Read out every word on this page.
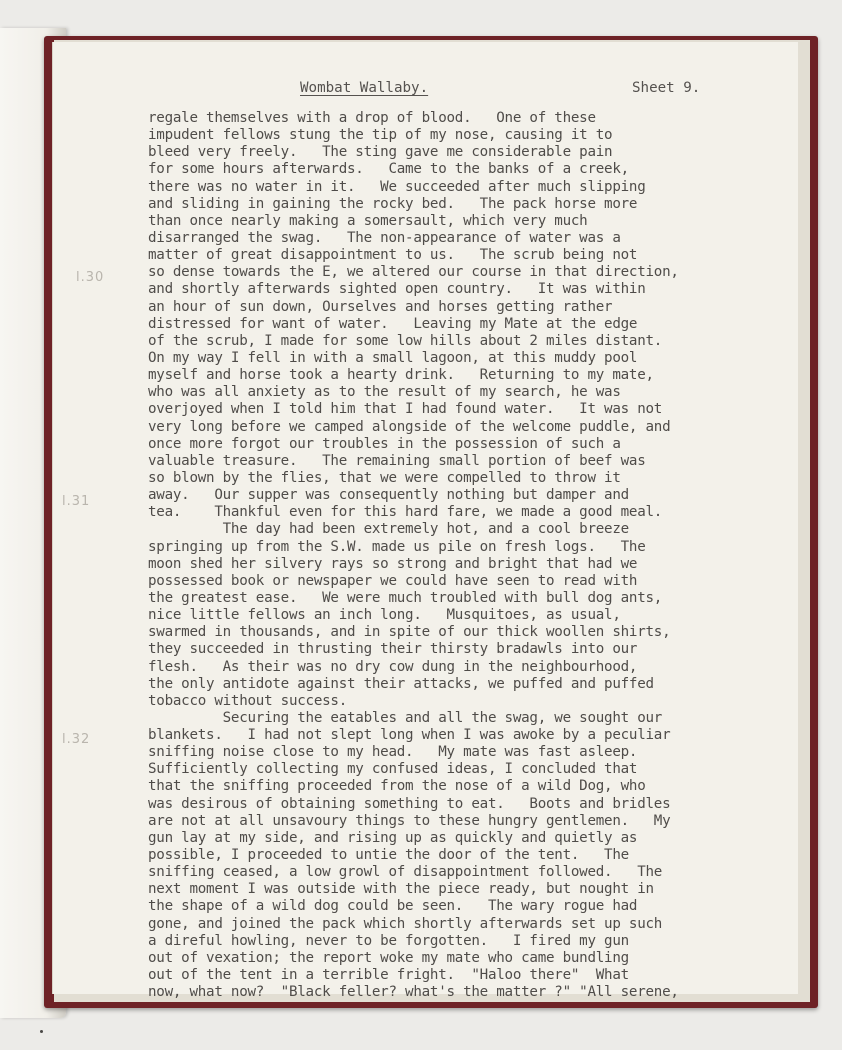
Wombat Wallaby.	Sheet 9.
l.30
l.31
l.32
regale themselves with a drop of blood.   One of these
impudent fellows stung the tip of my nose, causing it to
bleed very freely.   The sting gave me considerable pain
for some hours afterwards.   Came to the banks of a creek,
there was no water in it.   We succeeded after much slipping
and sliding in gaining the rocky bed.   The pack horse more
than once nearly making a somersault, which very much
disarranged the swag.   The non-appearance of water was a
matter of great disappointment to us.   The scrub being not
so dense towards the E, we altered our course in that direction,
and shortly afterwards sighted open country.   It was within
an hour of sun down, Ourselves and horses getting rather
distressed for want of water.   Leaving my Mate at the edge
of the scrub, I made for some low hills about 2 miles distant.
On my way I fell in with a small lagoon, at this muddy pool
myself and horse took a hearty drink.   Returning to my mate,
who was all anxiety as to the result of my search, he was
overjoyed when I told him that I had found water.   It was not
very long before we camped alongside of the welcome puddle, and
once more forgot our troubles in the possession of such a
valuable treasure.   The remaining small portion of beef was
so blown by the flies, that we were compelled to throw it
away.   Our supper was consequently nothing but damper and
tea.    Thankful even for this hard fare, we made a good meal.
The day had been extremely hot, and a cool breeze
springing up from the S.W. made us pile on fresh logs.   The
moon shed her silvery rays so strong and bright that had we
possessed book or newspaper we could have seen to read with
the greatest ease.   We were much troubled with bull dog ants,
nice little fellows an inch long.   Musquitoes, as usual,
swarmed in thousands, and in spite of our thick woollen shirts,
they succeeded in thrusting their thirsty bradawls into our
flesh.   As their was no dry cow dung in the neighbourhood,
the only antidote against their attacks, we puffed and puffed
tobacco without success.
Securing the eatables and all the swag, we sought our
blankets.   I had not slept long when I was awoke by a peculiar
sniffing noise close to my head.   My mate was fast asleep.
Sufficiently collecting my confused ideas, I concluded that
that the sniffing proceeded from the nose of a wild Dog, who
was desirous of obtaining something to eat.   Boots and bridles
are not at all unsavoury things to these hungry gentlemen.   My
gun lay at my side, and rising up as quickly and quietly as
possible, I proceeded to untie the door of the tent.   The
sniffing ceased, a low growl of disappointment followed.   The
next moment I was outside with the piece ready, but nought in
the shape of a wild dog could be seen.   The wary rogue had
gone, and joined the pack which shortly afterwards set up such
a direful howling, never to be forgotten.   I fired my gun
out of vexation; the report woke my mate who came bundling
out of the tent in a terrible fright.  "Haloo there"  What
now, what now?  "Black feller? what's the matter ?" "All serene,
